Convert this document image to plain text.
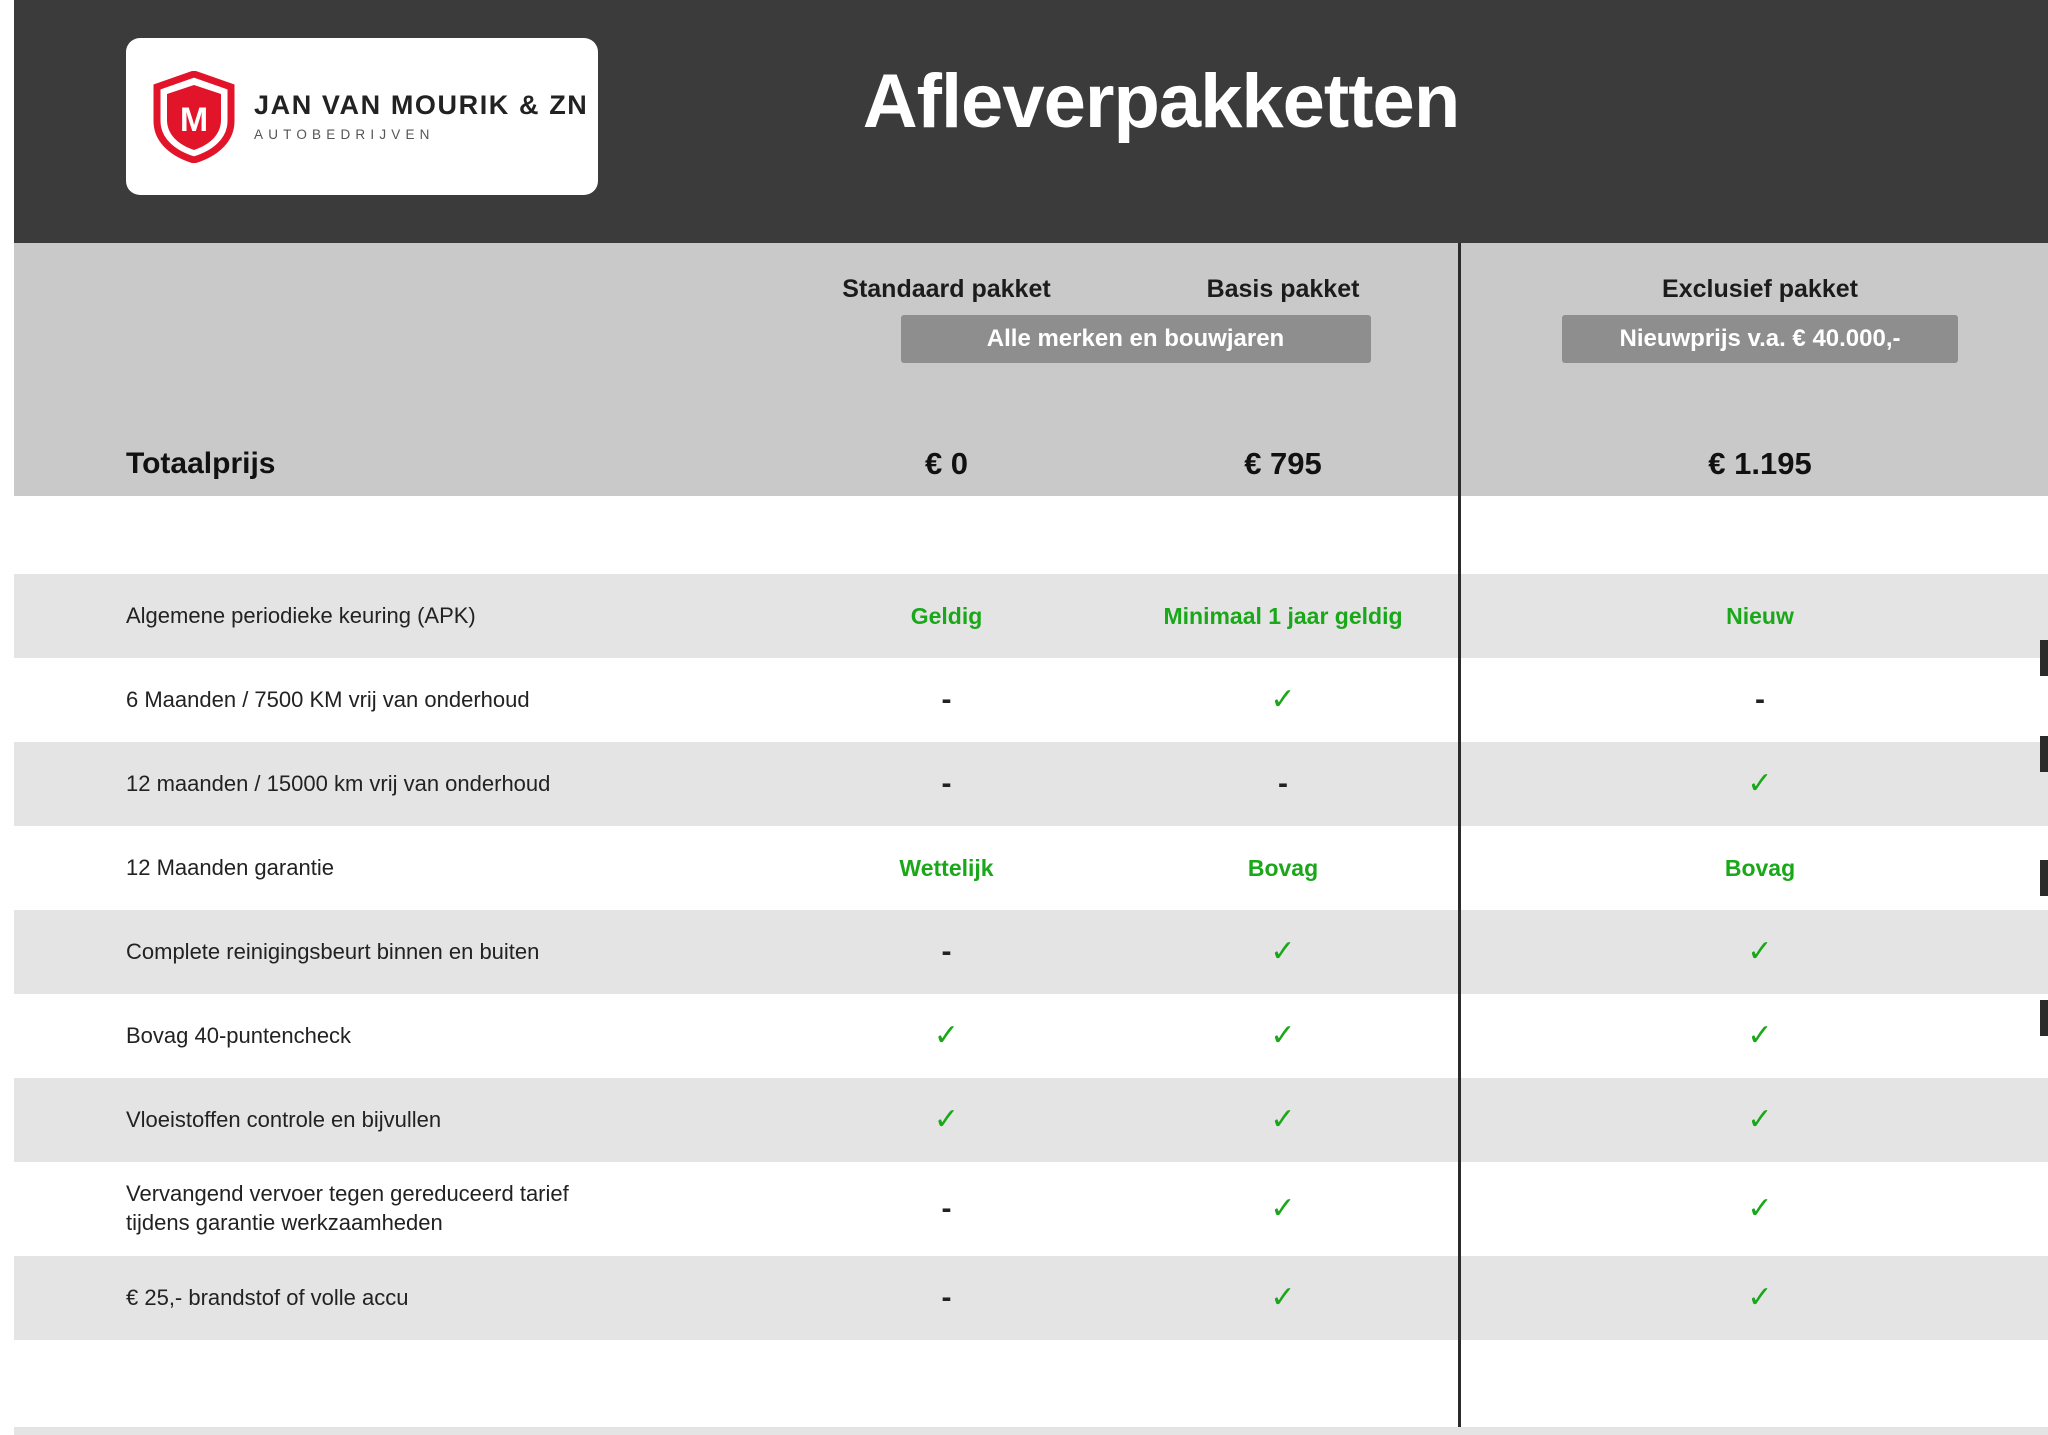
M JAN VAN MOURIK & ZN
AUTOBEDRIJVEN	Afleverpakketten
Standaard pakket	Basis pakket	Exclusief pakket
Alle merken en bouwjaren	Nieuwprijs v.a. € 40.000,-
Totaalprijs	€ 0	€ 795	€ 1.195
Algemene periodieke keuring (APK)	Geldig	Minimaal 1 jaar geldig	Nieuw
6 Maanden / 7500 KM vrij van onderhoud	-	✓	-
12 maanden / 15000 km vrij van onderhoud	-	-	✓
12 Maanden garantie	Wettelijk	Bovag	Bovag
Complete reinigingsbeurt binnen en buiten	-	✓	✓
Bovag 40-puntencheck	✓	✓	✓
Vloeistoffen controle en bijvullen	✓	✓	✓
Vervangend vervoer tegen gereduceerd tarief tijdens garantie werkzaamheden	-	✓	✓
€ 25,- brandstof of volle accu	-	✓	✓
